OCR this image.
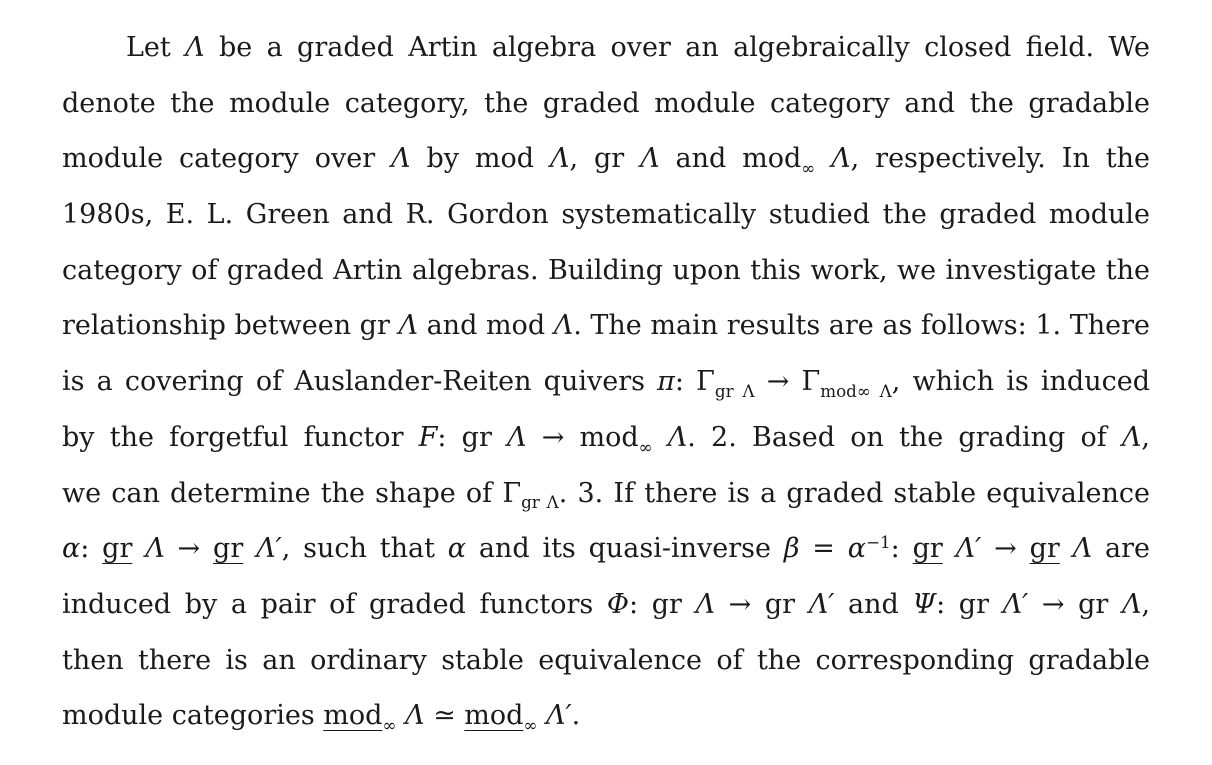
Let Λ be a graded Artin algebra over an algebraically closed field. We
denote the module category, the graded module category and the gradable
module category over Λ by mod Λ, gr Λ and mod$_\infty$ Λ, respectively. In the
1980s, E. L. Green and R. Gordon systematically studied the graded module
category of graded Artin algebras. Building upon this work, we investigate the
relationship between gr Λ and mod Λ. The main results are as follows: 1. There
is a covering of Auslander-Reiten quivers π: $\Gamma_{gr \Lambda} \to \Gamma_{mod\infty \Lambda}$, which is induced
by the forgetful functor F: gr Λ → mod$_\infty$ Λ. 2. Based on the grading of Λ,
we can determine the shape of $\Gamma_{gr \Lambda}$. 3. If there is a graded stable equivalence
α: gr Λ → gr Λ′, such that α and its quasi-inverse $\beta = \alpha^{-1}$: gr Λ′ → gr Λ are
induced by a pair of graded functors Φ: gr Λ → gr Λ′ and Ψ: gr Λ′ → gr Λ,
then there is an ordinary stable equivalence of the corresponding gradable
module categories mod$_\infty$ Λ ≃ mod$_\infty$ Λ′.
